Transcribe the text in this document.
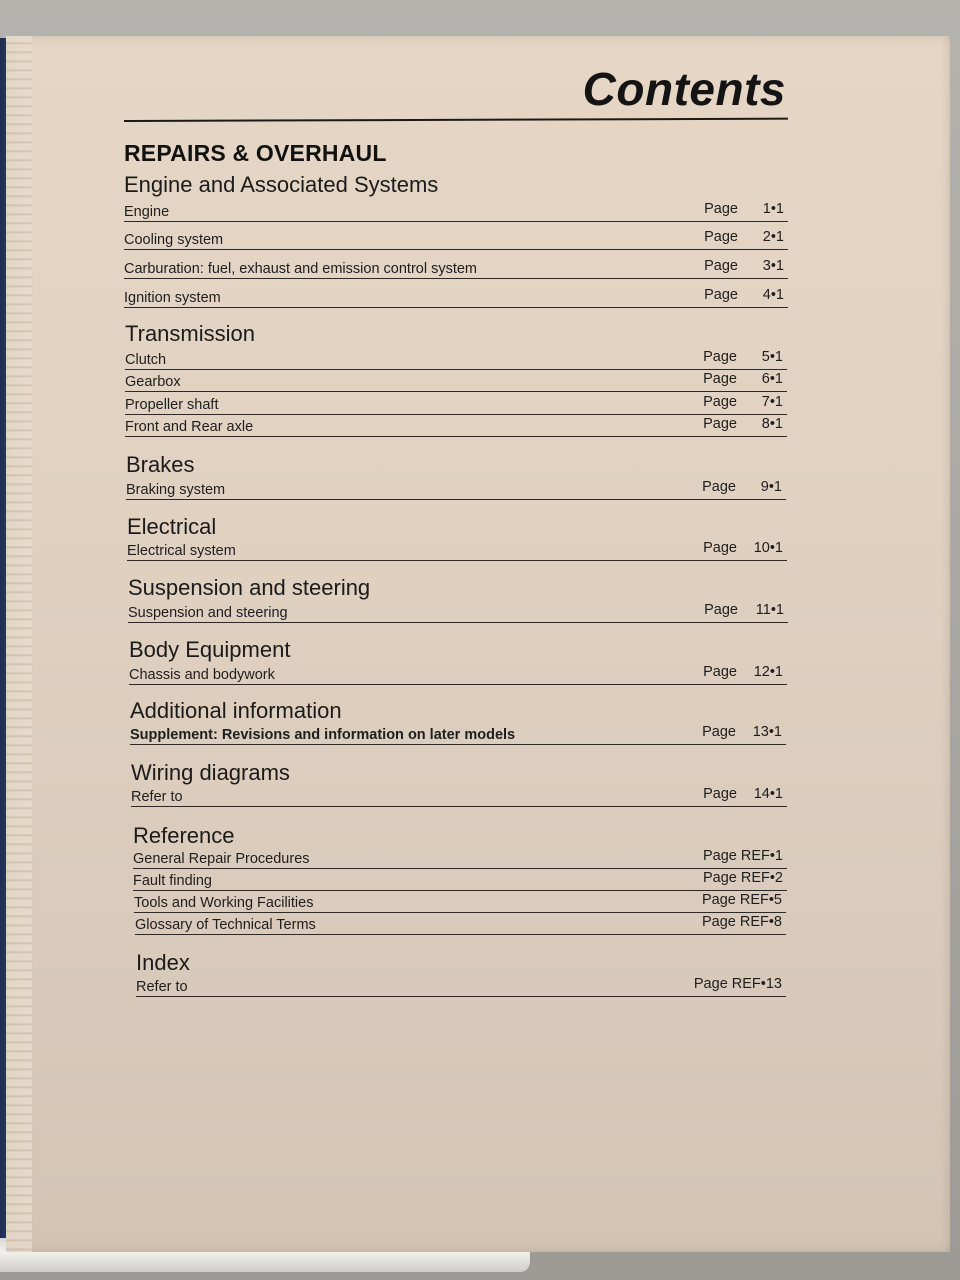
Contents
REPAIRS & OVERHAUL
Engine and Associated Systems
Engine	Page 1•1
Cooling system	Page 2•1
Carburation: fuel, exhaust and emission control system	Page 3•1
Ignition system	Page 4•1
Transmission
Clutch	Page 5•1
Gearbox	Page 6•1
Propeller shaft	Page 7•1
Front and Rear axle	Page 8•1
Brakes
Braking system	Page 9•1
Electrical
Electrical system	Page 10•1
Suspension and steering
Suspension and steering	Page 11•1
Body Equipment
Chassis and bodywork	Page 12•1
Additional information
Supplement: Revisions and information on later models	Page 13•1
Wiring diagrams
Refer to	Page 14•1
Reference
General Repair Procedures	Page REF•1
Fault finding	Page REF•2
Tools and Working Facilities	Page REF•5
Glossary of Technical Terms	Page REF•8
Index
Refer to	Page REF•13
